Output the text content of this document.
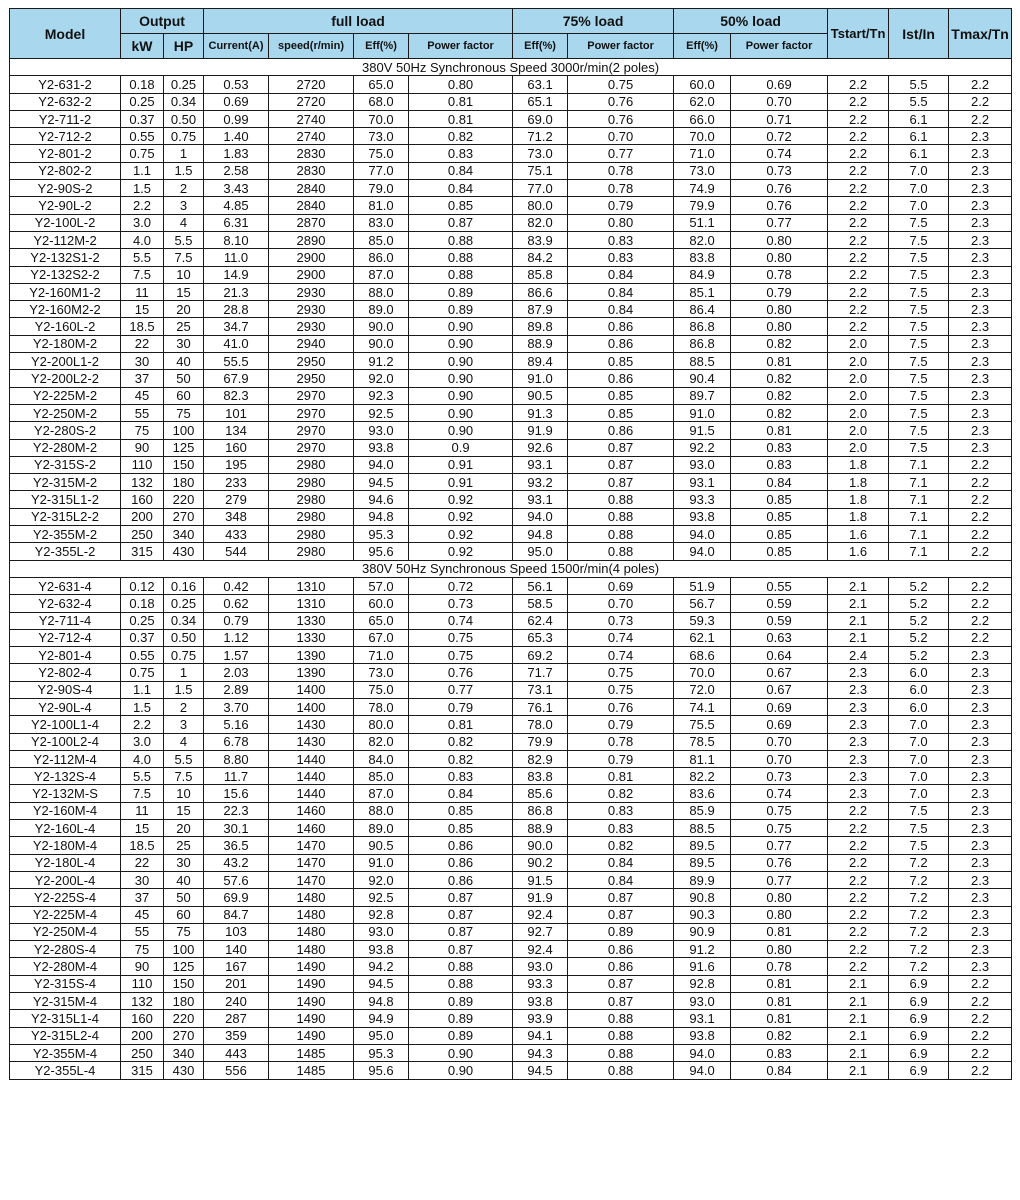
Model	Output		full load				75% load		50% load		Tstart/Tn	Ist/In	Tmax/Tn
	kW	HP	Current(A)	speed(r/min)	Eff(%)	Power factor	Eff(%)	Power factor	Eff(%)	Power factor			
380V 50Hz Synchronous Speed 3000r/min(2 poles)													
Y2-631-2	0.18	0.25	0.53	2720	65.0	0.80	63.1	0.75	60.0	0.69	2.2	5.5	2.2
Y2-632-2	0.25	0.34	0.69	2720	68.0	0.81	65.1	0.76	62.0	0.70	2.2	5.5	2.2
Y2-711-2	0.37	0.50	0.99	2740	70.0	0.81	69.0	0.76	66.0	0.71	2.2	6.1	2.2
Y2-712-2	0.55	0.75	1.40	2740	73.0	0.82	71.2	0.70	70.0	0.72	2.2	6.1	2.3
Y2-801-2	0.75	1	1.83	2830	75.0	0.83	73.0	0.77	71.0	0.74	2.2	6.1	2.3
Y2-802-2	1.1	1.5	2.58	2830	77.0	0.84	75.1	0.78	73.0	0.73	2.2	7.0	2.3
Y2-90S-2	1.5	2	3.43	2840	79.0	0.84	77.0	0.78	74.9	0.76	2.2	7.0	2.3
Y2-90L-2	2.2	3	4.85	2840	81.0	0.85	80.0	0.79	79.9	0.76	2.2	7.0	2.3
Y2-100L-2	3.0	4	6.31	2870	83.0	0.87	82.0	0.80	51.1	0.77	2.2	7.5	2.3
Y2-112M-2	4.0	5.5	8.10	2890	85.0	0.88	83.9	0.83	82.0	0.80	2.2	7.5	2.3
Y2-132S1-2	5.5	7.5	11.0	2900	86.0	0.88	84.2	0.83	83.8	0.80	2.2	7.5	2.3
Y2-132S2-2	7.5	10	14.9	2900	87.0	0.88	85.8	0.84	84.9	0.78	2.2	7.5	2.3
Y2-160M1-2	11	15	21.3	2930	88.0	0.89	86.6	0.84	85.1	0.79	2.2	7.5	2.3
Y2-160M2-2	15	20	28.8	2930	89.0	0.89	87.9	0.84	86.4	0.80	2.2	7.5	2.3
Y2-160L-2	18.5	25	34.7	2930	90.0	0.90	89.8	0.86	86.8	0.80	2.2	7.5	2.3
Y2-180M-2	22	30	41.0	2940	90.0	0.90	88.9	0.86	86.8	0.82	2.0	7.5	2.3
Y2-200L1-2	30	40	55.5	2950	91.2	0.90	89.4	0.85	88.5	0.81	2.0	7.5	2.3
Y2-200L2-2	37	50	67.9	2950	92.0	0.90	91.0	0.86	90.4	0.82	2.0	7.5	2.3
Y2-225M-2	45	60	82.3	2970	92.3	0.90	90.5	0.85	89.7	0.82	2.0	7.5	2.3
Y2-250M-2	55	75	101	2970	92.5	0.90	91.3	0.85	91.0	0.82	2.0	7.5	2.3
Y2-280S-2	75	100	134	2970	93.0	0.90	91.9	0.86	91.5	0.81	2.0	7.5	2.3
Y2-280M-2	90	125	160	2970	93.8	0.9	92.6	0.87	92.2	0.83	2.0	7.5	2.3
Y2-315S-2	110	150	195	2980	94.0	0.91	93.1	0.87	93.0	0.83	1.8	7.1	2.2
Y2-315M-2	132	180	233	2980	94.5	0.91	93.2	0.87	93.1	0.84	1.8	7.1	2.2
Y2-315L1-2	160	220	279	2980	94.6	0.92	93.1	0.88	93.3	0.85	1.8	7.1	2.2
Y2-315L2-2	200	270	348	2980	94.8	0.92	94.0	0.88	93.8	0.85	1.8	7.1	2.2
Y2-355M-2	250	340	433	2980	95.3	0.92	94.8	0.88	94.0	0.85	1.6	7.1	2.2
Y2-355L-2	315	430	544	2980	95.6	0.92	95.0	0.88	94.0	0.85	1.6	7.1	2.2
380V 50Hz Synchronous Speed 1500r/min(4 poles)													
Y2-631-4	0.12	0.16	0.42	1310	57.0	0.72	56.1	0.69	51.9	0.55	2.1	5.2	2.2
Y2-632-4	0.18	0.25	0.62	1310	60.0	0.73	58.5	0.70	56.7	0.59	2.1	5.2	2.2
Y2-711-4	0.25	0.34	0.79	1330	65.0	0.74	62.4	0.73	59.3	0.59	2.1	5.2	2.2
Y2-712-4	0.37	0.50	1.12	1330	67.0	0.75	65.3	0.74	62.1	0.63	2.1	5.2	2.2
Y2-801-4	0.55	0.75	1.57	1390	71.0	0.75	69.2	0.74	68.6	0.64	2.4	5.2	2.3
Y2-802-4	0.75	1	2.03	1390	73.0	0.76	71.7	0.75	70.0	0.67	2.3	6.0	2.3
Y2-90S-4	1.1	1.5	2.89	1400	75.0	0.77	73.1	0.75	72.0	0.67	2.3	6.0	2.3
Y2-90L-4	1.5	2	3.70	1400	78.0	0.79	76.1	0.76	74.1	0.69	2.3	6.0	2.3
Y2-100L1-4	2.2	3	5.16	1430	80.0	0.81	78.0	0.79	75.5	0.69	2.3	7.0	2.3
Y2-100L2-4	3.0	4	6.78	1430	82.0	0.82	79.9	0.78	78.5	0.70	2.3	7.0	2.3
Y2-112M-4	4.0	5.5	8.80	1440	84.0	0.82	82.9	0.79	81.1	0.70	2.3	7.0	2.3
Y2-132S-4	5.5	7.5	11.7	1440	85.0	0.83	83.8	0.81	82.2	0.73	2.3	7.0	2.3
Y2-132M-S	7.5	10	15.6	1440	87.0	0.84	85.6	0.82	83.6	0.74	2.3	7.0	2.3
Y2-160M-4	11	15	22.3	1460	88.0	0.85	86.8	0.83	85.9	0.75	2.2	7.5	2.3
Y2-160L-4	15	20	30.1	1460	89.0	0.85	88.9	0.83	88.5	0.75	2.2	7.5	2.3
Y2-180M-4	18.5	25	36.5	1470	90.5	0.86	90.0	0.82	89.5	0.77	2.2	7.5	2.3
Y2-180L-4	22	30	43.2	1470	91.0	0.86	90.2	0.84	89.5	0.76	2.2	7.2	2.3
Y2-200L-4	30	40	57.6	1470	92.0	0.86	91.5	0.84	89.9	0.77	2.2	7.2	2.3
Y2-225S-4	37	50	69.9	1480	92.5	0.87	91.9	0.87	90.8	0.80	2.2	7.2	2.3
Y2-225M-4	45	60	84.7	1480	92.8	0.87	92.4	0.87	90.3	0.80	2.2	7.2	2.3
Y2-250M-4	55	75	103	1480	93.0	0.87	92.7	0.89	90.9	0.81	2.2	7.2	2.3
Y2-280S-4	75	100	140	1480	93.8	0.87	92.4	0.86	91.2	0.80	2.2	7.2	2.3
Y2-280M-4	90	125	167	1490	94.2	0.88	93.0	0.86	91.6	0.78	2.2	7.2	2.3
Y2-315S-4	110	150	201	1490	94.5	0.88	93.3	0.87	92.8	0.81	2.1	6.9	2.2
Y2-315M-4	132	180	240	1490	94.8	0.89	93.8	0.87	93.0	0.81	2.1	6.9	2.2
Y2-315L1-4	160	220	287	1490	94.9	0.89	93.9	0.88	93.1	0.81	2.1	6.9	2.2
Y2-315L2-4	200	270	359	1490	95.0	0.89	94.1	0.88	93.8	0.82	2.1	6.9	2.2
Y2-355M-4	250	340	443	1485	95.3	0.90	94.3	0.88	94.0	0.83	2.1	6.9	2.2
Y2-355L-4	315	430	556	1485	95.6	0.90	94.5	0.88	94.0	0.84	2.1	6.9	2.2
